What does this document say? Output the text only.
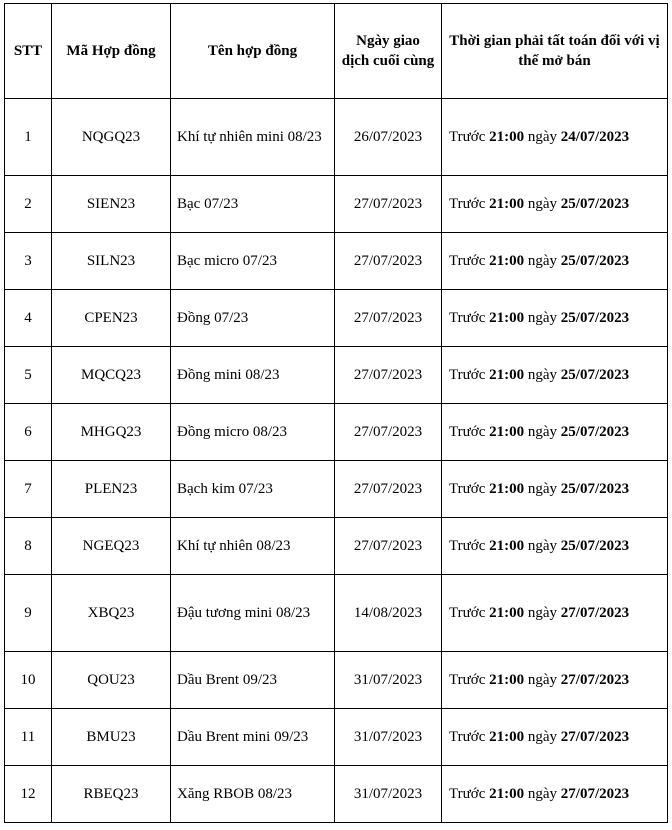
STT	Mã Hợp đồng	Tên hợp đồng	Ngày giao dịch cuối cùng	Thời gian phải tất toán đối với vị thế mở bán
1	NQGQ23	Khí tự nhiên mini 08/23	26/07/2023	Trước 21:00 ngày 24/07/2023
2	SIEN23	Bạc 07/23	27/07/2023	Trước 21:00 ngày 25/07/2023
3	SILN23	Bạc micro 07/23	27/07/2023	Trước 21:00 ngày 25/07/2023
4	CPEN23	Đồng 07/23	27/07/2023	Trước 21:00 ngày 25/07/2023
5	MQCQ23	Đồng mini 08/23	27/07/2023	Trước 21:00 ngày 25/07/2023
6	MHGQ23	Đồng micro 08/23	27/07/2023	Trước 21:00 ngày 25/07/2023
7	PLEN23	Bạch kim 07/23	27/07/2023	Trước 21:00 ngày 25/07/2023
8	NGEQ23	Khí tự nhiên 08/23	27/07/2023	Trước 21:00 ngày 25/07/2023
9	XBQ23	Đậu tương mini 08/23	14/08/2023	Trước 21:00 ngày 27/07/2023
10	QOU23	Dầu Brent 09/23	31/07/2023	Trước 21:00 ngày 27/07/2023
11	BMU23	Dầu Brent mini 09/23	31/07/2023	Trước 21:00 ngày 27/07/2023
12	RBEQ23	Xăng RBOB 08/23	31/07/2023	Trước 21:00 ngày 27/07/2023
